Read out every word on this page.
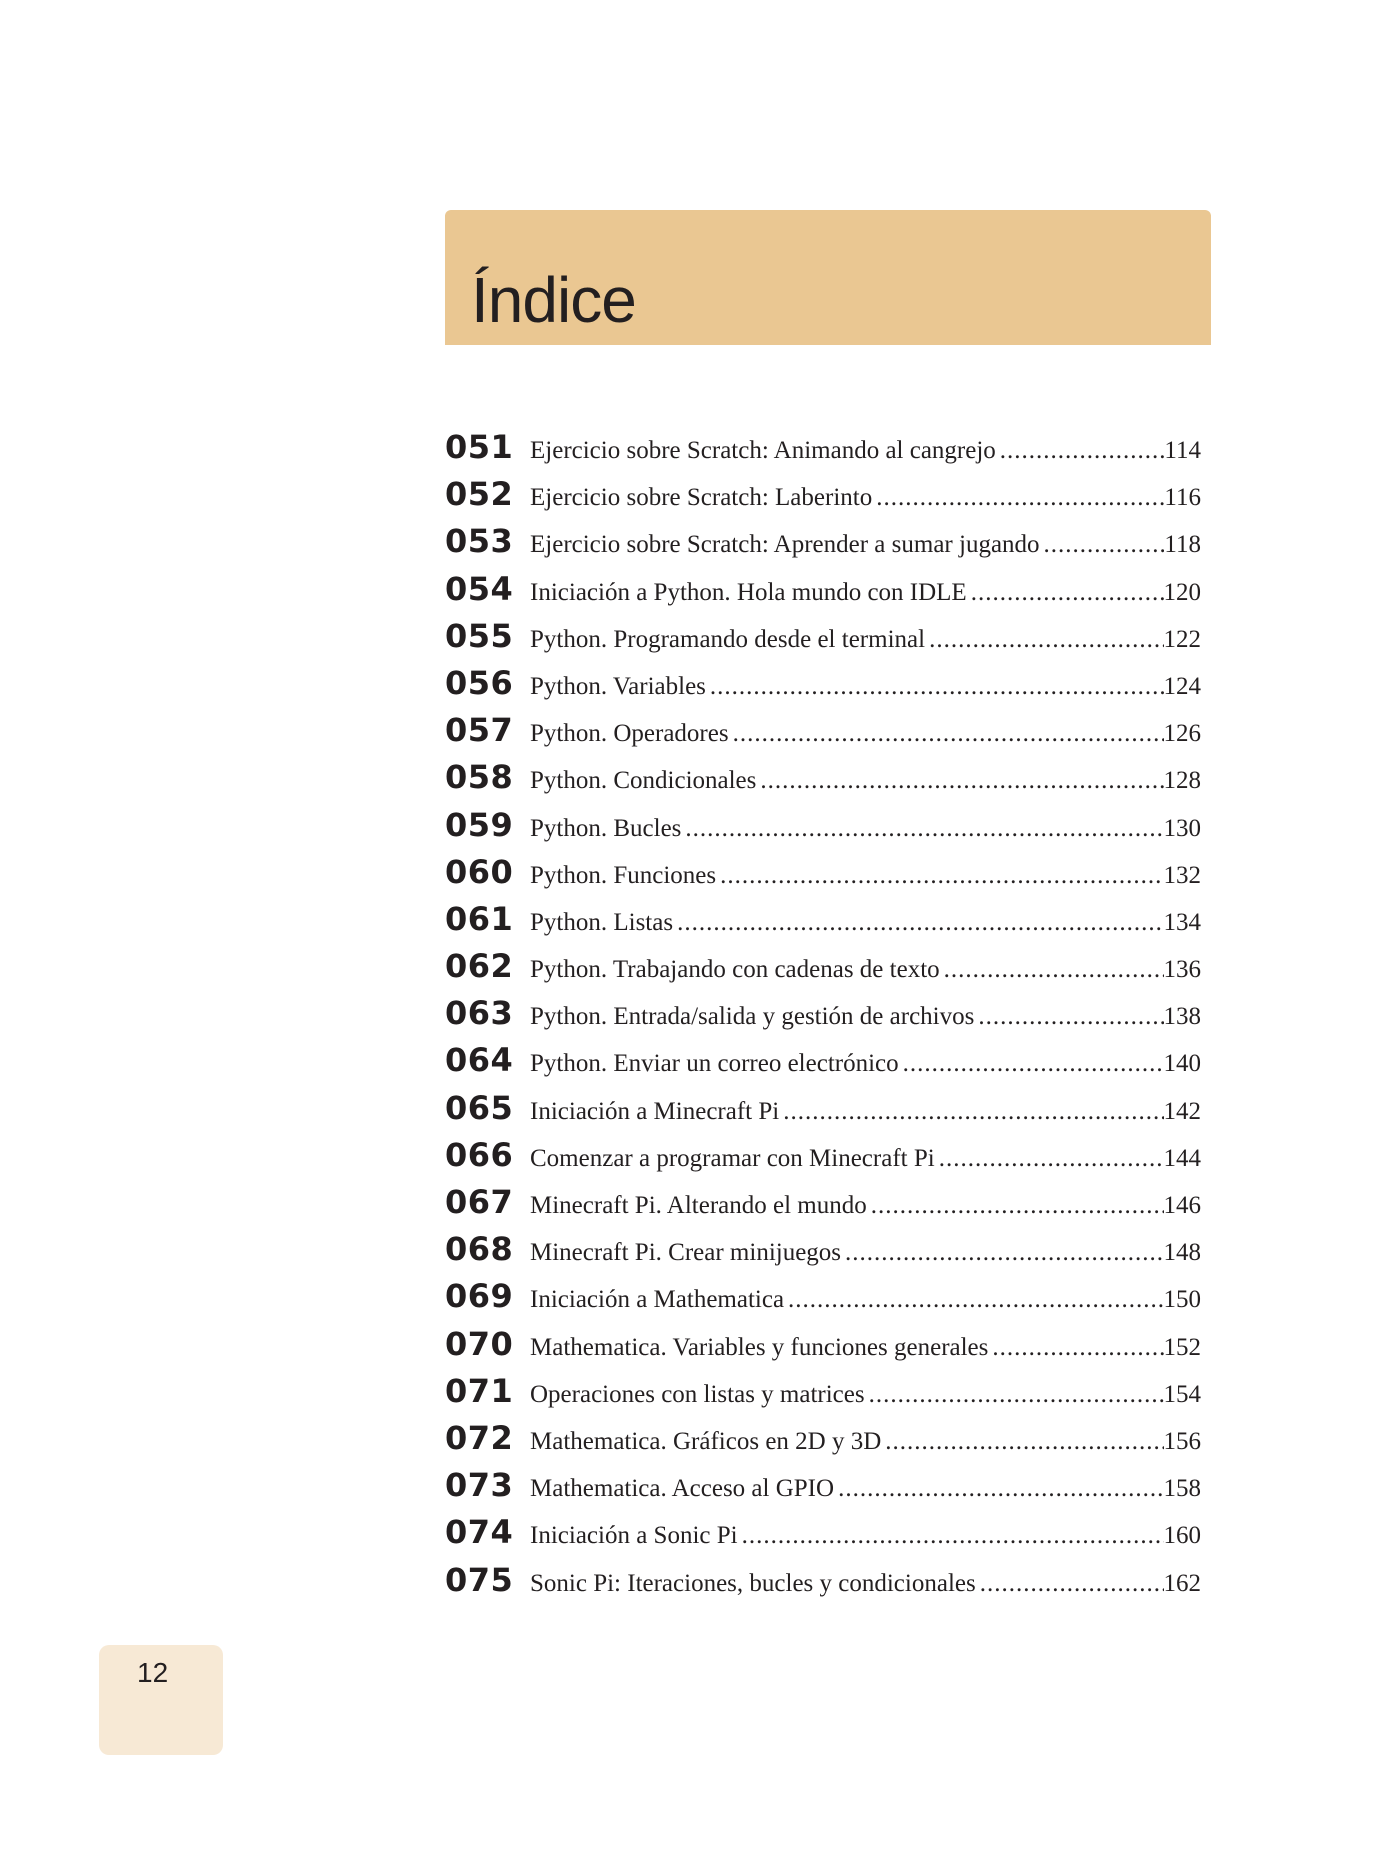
Índice
051 Ejercicio sobre Scratch: Animando al cangrejo .....	114
052 Ejercicio sobre Scratch: Laberinto .....	116
053 Ejercicio sobre Scratch: Aprender a sumar jugando .....	118
054 Iniciación a Python. Hola mundo con IDLE .....	120
055 Python. Programando desde el terminal .....	122
056 Python. Variables .....	124
057 Python. Operadores .....	126
058 Python. Condicionales .....	128
059 Python. Bucles .....	130
060 Python. Funciones .....	132
061 Python. Listas .....	134
062 Python. Trabajando con cadenas de texto .....	136
063 Python. Entrada/salida y gestión de archivos .....	138
064 Python. Enviar un correo electrónico .....	140
065 Iniciación a Minecraft Pi .....	142
066 Comenzar a programar con Minecraft Pi .....	144
067 Minecraft Pi. Alterando el mundo .....	146
068 Minecraft Pi. Crear minijuegos .....	148
069 Iniciación a Mathematica .....	150
070 Mathematica. Variables y funciones generales .....	152
071 Operaciones con listas y matrices .....	154
072 Mathematica. Gráficos en 2D y 3D .....	156
073 Mathematica. Acceso al GPIO .....	158
074 Iniciación a Sonic Pi .....	160
075 Sonic Pi: Iteraciones, bucles y condicionales .....	162
12
